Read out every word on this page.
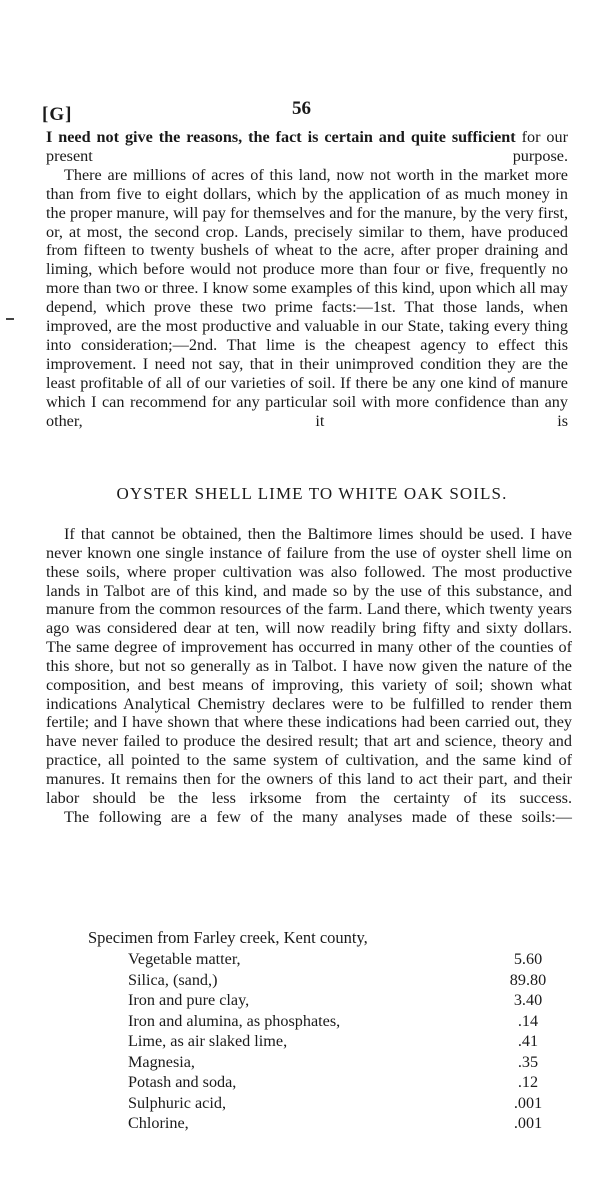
[G]	56

I need not give the reasons, the fact is certain and quite sufficient for our present purpose.

There are millions of acres of this land, now not worth in the market more than from five to eight dollars, which by the application of as much money in the proper manure, will pay for themselves and for the manure, by the very first, or, at most, the second crop. Lands, precisely similar to them, have produced from fifteen to twenty bushels of wheat to the acre, after proper draining and liming, which before would not produce more than four or five, frequently no more than two or three. I know some examples of this kind, upon which all may depend, which prove these two prime facts:—1st. That those lands, when improved, are the most productive and valuable in our State, taking every thing into consideration;—2nd. That lime is the cheapest agency to effect this improvement. I need not say, that in their unimproved condition they are the least profitable of all of our varieties of soil. If there be any one kind of manure which I can recommend for any particular soil with more confidence than any other, it is

OYSTER SHELL LIME TO WHITE OAK SOILS.

If that cannot be obtained, then the Baltimore limes should be used. I have never known one single instance of failure from the use of oyster shell lime on these soils, where proper cultivation was also followed. The most productive lands in Talbot are of this kind, and made so by the use of this substance, and manure from the common resources of the farm. Land there, which twenty years ago was considered dear at ten, will now readily bring fifty and sixty dollars. The same degree of improvement has occurred in many other of the counties of this shore, but not so generally as in Talbot. I have now given the nature of the composition, and best means of improving, this variety of soil; shown what indications Analytical Chemistry declares were to be fulfilled to render them fertile; and I have shown that where these indications had been carried out, they have never failed to produce the desired result; that art and science, theory and practice, all pointed to the same system of cultivation, and the same kind of manures. It remains then for the owners of this land to act their part, and their labor should be the less irksome from the certainty of its success.

The following are a few of the many analyses made of these soils:—

Specimen from Farley creek, Kent county,
Vegetable matter,	5.60
Silica, (sand,)	89.80
Iron and pure clay,	3.40
Iron and alumina, as phosphates,	.14
Lime, as air slaked lime,	.41
Magnesia,	.35
Potash and soda,	.12
Sulphuric acid,	.001
Chlorine,	.001
